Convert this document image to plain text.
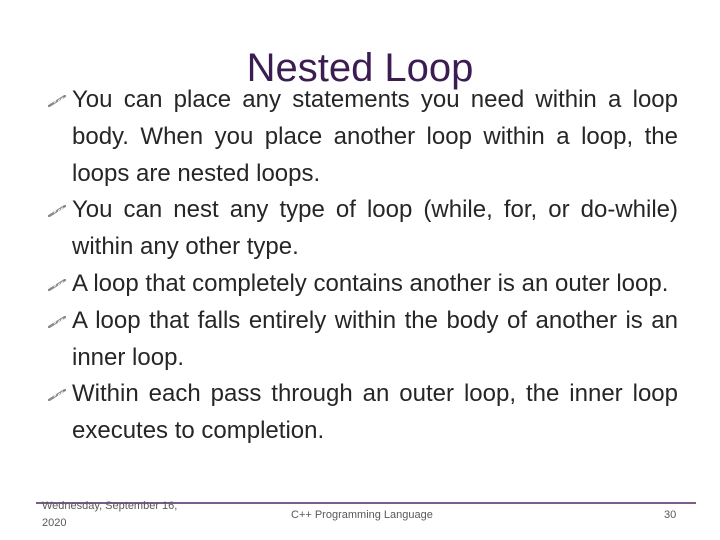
Nested Loop
You can place any statements you need within a loop body. When you place another loop within a loop, the loops are nested loops.
You can nest any type of loop (while, for, or do-while) within any other type.
A loop that completely contains another is an outer loop.
A loop that falls entirely within the body of another is an inner loop.
Within each pass through an outer loop, the inner loop executes to completion.
Wednesday, September 16, 2020
C++ Programming Language	30
